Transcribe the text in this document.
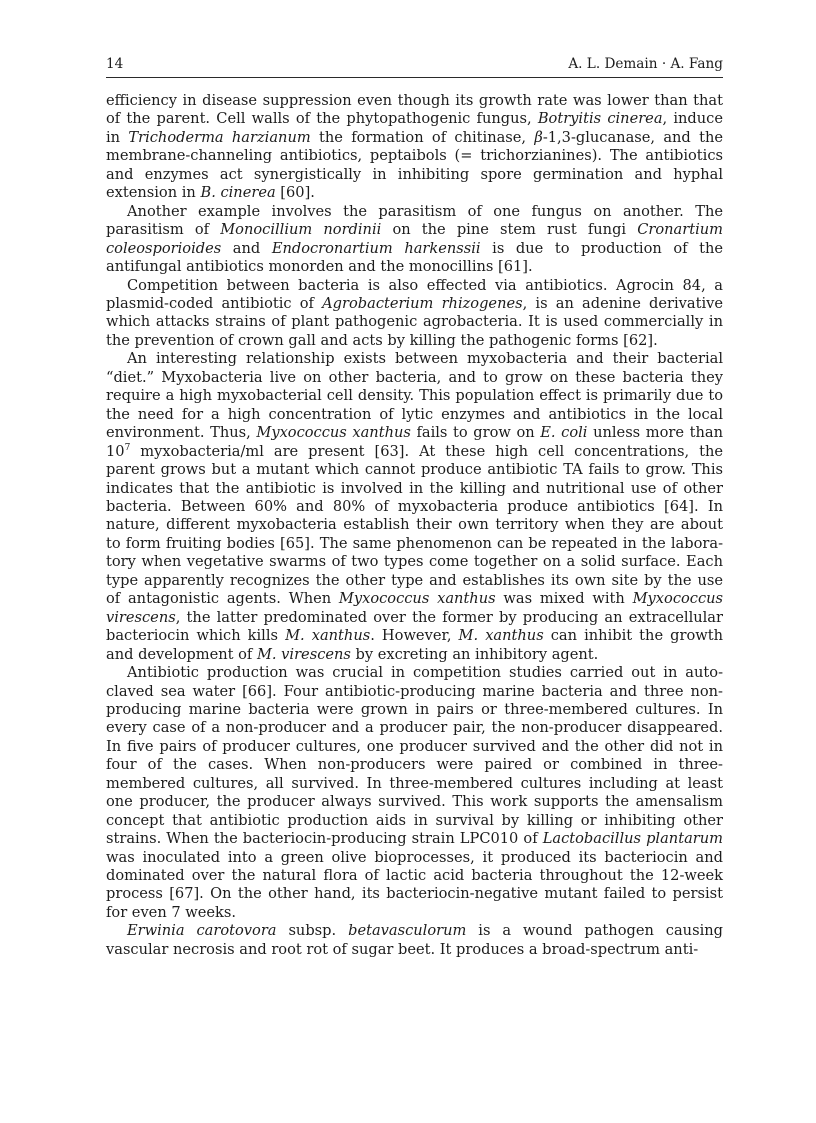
14	A. L. Demain · A. Fang

efficiency in disease suppression even though its growth rate was lower than that of the parent. Cell walls of the phytopathogenic fungus, Botryitis cinerea, induce in Trichoderma harzianum the formation of chitinase, β-1,3-glucanase, and the membrane-channeling antibiotics, peptaibols (= trichorzianines). The antibiotics and enzymes act synergistically in inhibiting spore germination and hyphal extension in B. cinerea [60].

Another example involves the parasitism of one fungus on another. The parasitism of Monocillium nordinii on the pine stem rust fungi Cronartium coleosporioides and Endocronartium harkenssii is due to production of the antifungal antibiotics monorden and the monocillins [61].

Competition between bacteria is also effected via antibiotics. Agrocin 84, a plasmid-coded antibiotic of Agrobacterium rhizogenes, is an adenine derivative which attacks strains of plant pathogenic agrobacteria. It is used commercially in the prevention of crown gall and acts by killing the pathogenic forms [62].

An interesting relationship exists between myxobacteria and their bacterial “diet.” Myxobacteria live on other bacteria, and to grow on these bacteria they require a high myxobacterial cell density. This population effect is primarily due to the need for a high concentration of lytic enzymes and antibiotics in the local environment. Thus, Myxococcus xanthus fails to grow on E. coli unless more than $10^7$ myxobacteria/ml are present [63]. At these high cell concentrations, the parent grows but a mutant which cannot produce antibiotic TA fails to grow. This indicates that the antibiotic is involved in the killing and nutritional use of other bacteria. Between 60% and 80% of myxobacteria produce antibiotics [64]. In nature, different myxobacteria establish their own territory when they are about to form fruiting bodies [65]. The same phenomenon can be repeated in the laboratory when vegetative swarms of two types come together on a solid surface. Each type apparently recognizes the other type and establishes its own site by the use of antagonistic agents. When Myxococcus xanthus was mixed with Myxococcus virescens, the latter predominated over the former by producing an extracellular bacteriocin which kills M. xanthus. However, M. xanthus can inhibit the growth and development of M. virescens by excreting an inhibitory agent.

Antibiotic production was crucial in competition studies carried out in autoclaved sea water [66]. Four antibiotic-producing marine bacteria and three non-producing marine bacteria were grown in pairs or three-membered cultures. In every case of a non-producer and a producer pair, the non-producer disappeared. In five pairs of producer cultures, one producer survived and the other did not in four of the cases. When non-producers were paired or combined in three-membered cultures, all survived. In three-membered cultures including at least one producer, the producer always survived. This work supports the amensalism concept that antibiotic production aids in survival by killing or inhibiting other strains. When the bacteriocin-producing strain LPC010 of Lactobacillus plantarum was inoculated into a green olive bioprocesses, it produced its bacteriocin and dominated over the natural flora of lactic acid bacteria throughout the 12-week process [67]. On the other hand, its bacteriocin-negative mutant failed to persist for even 7 weeks.

Erwinia carotovora subsp. betavasculorum is a wound pathogen causing vascular necrosis and root rot of sugar beet. It produces a broad-spectrum anti-
